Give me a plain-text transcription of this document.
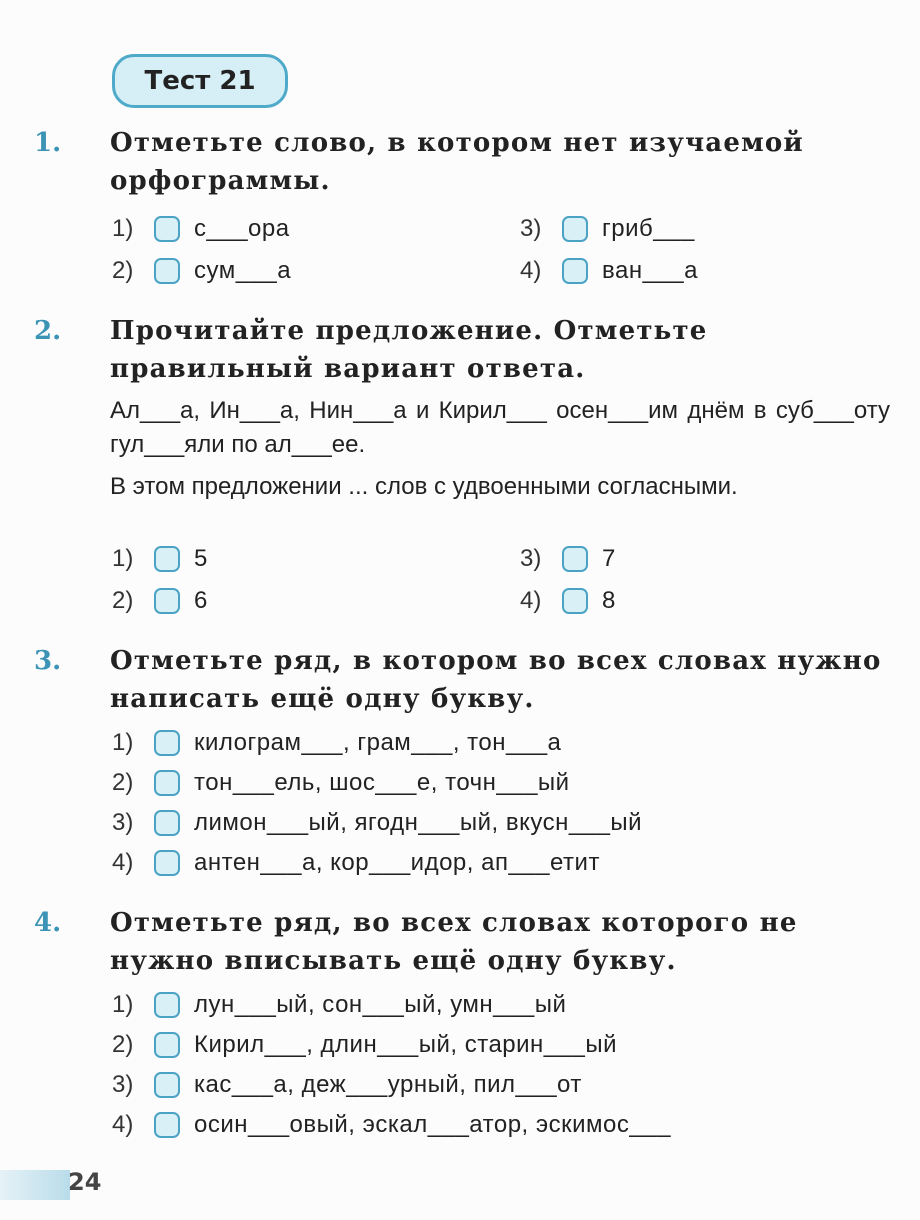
Тест 21
1. Отметьте слово, в котором нет изучаемой орфограммы.
1)	с___ора
2)	сум___а
3)	гриб___
4)	ван___а
2. Прочитайте предложение. Отметьте правильный вариант ответа.
Ал___а, Ин___а, Нин___а и Кирил___ осен___им днём в суб___оту гул___яли по ал___ее.
В этом предложении ... слов с удвоенными согласными.
1)	5
2)	6
3)	7
4)	8
3. Отметьте ряд, в котором во всех словах нужно написать ещё одну букву.
1)	килограм___, грам___, тон___а
2)	тон___ель, шос___е, точн___ый
3)	лимон___ый, ягодн___ый, вкусн___ый
4)	антен___а, кор___идор, ап___етит
4. Отметьте ряд, во всех словах которого не нужно вписывать ещё одну букву.
1)	лун___ый, сон___ый, умн___ый
2)	Кирил___, длин___ый, старин___ый
3)	кас___а, деж___урный, пил___от
4)	осин___овый, эскал___атор, эскимос___
24
